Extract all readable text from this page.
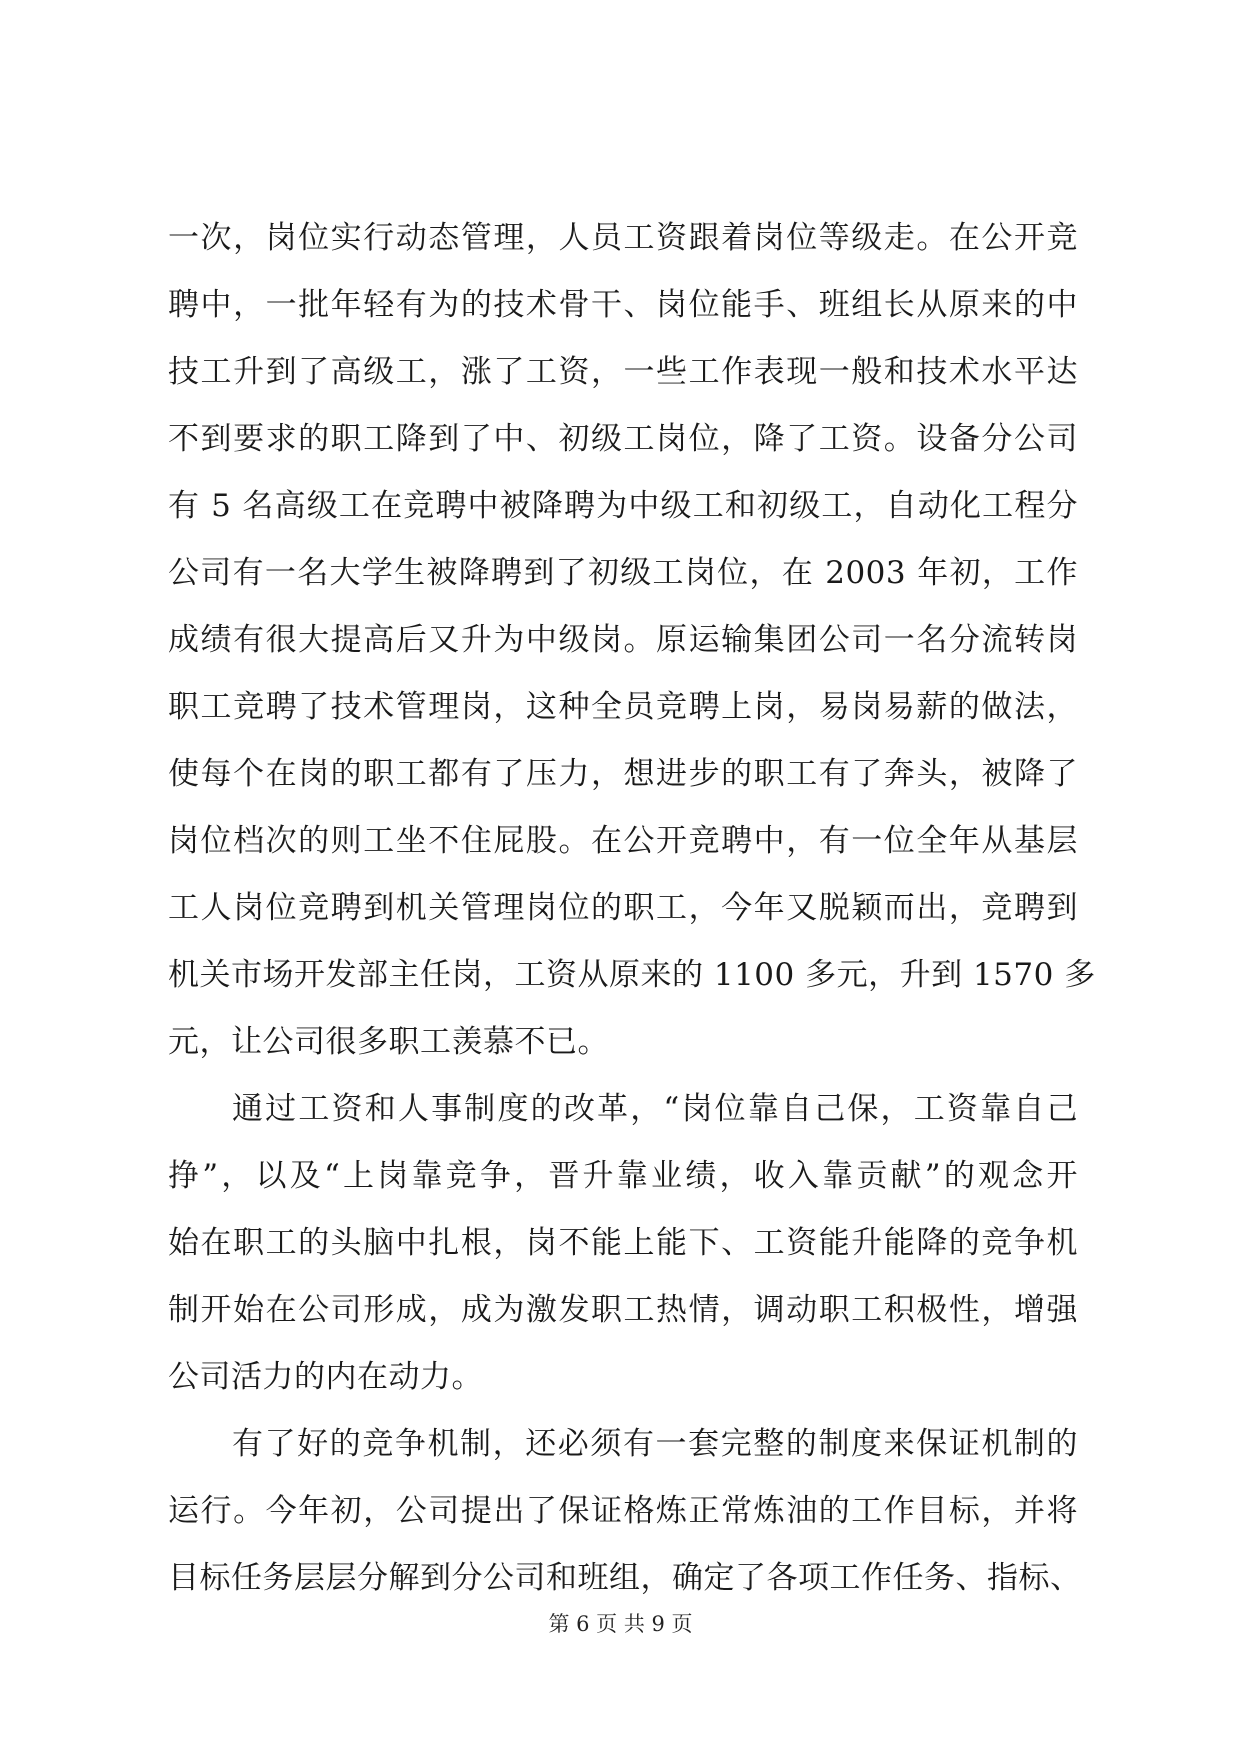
一次，岗位实行动态管理，人员工资跟着岗位等级走。在公开竞
聘中，一批年轻有为的技术骨干、岗位能手、班组长从原来的中
技工升到了高级工，涨了工资，一些工作表现一般和技术水平达
不到要求的职工降到了中、初级工岗位，降了工资。设备分公司
有 5 名高级工在竞聘中被降聘为中级工和初级工，自动化工程分
公司有一名大学生被降聘到了初级工岗位，在 2003 年初，工作
成绩有很大提高后又升为中级岗。原运输集团公司一名分流转岗
职工竞聘了技术管理岗，这种全员竞聘上岗，易岗易薪的做法，
使每个在岗的职工都有了压力，想进步的职工有了奔头，被降了
岗位档次的则工坐不住屁股。在公开竞聘中，有一位全年从基层
工人岗位竞聘到机关管理岗位的职工，今年又脱颖而出，竞聘到
机关市场开发部主任岗，工资从原来的 1100 多元，升到 1570 多
元，让公司很多职工羡慕不已。
通过工资和人事制度的改革，“岗位靠自己保，工资靠自己
挣”，以及“上岗靠竞争，晋升靠业绩，收入靠贡献”的观念开
始在职工的头脑中扎根，岗不能上能下、工资能升能降的竞争机
制开始在公司形成，成为激发职工热情，调动职工积极性，增强
公司活力的内在动力。
有了好的竞争机制，还必须有一套完整的制度来保证机制的
运行。今年初，公司提出了保证格炼正常炼油的工作目标，并将
目标任务层层分解到分公司和班组，确定了各项工作任务、指标、
第 6 页 共 9 页
